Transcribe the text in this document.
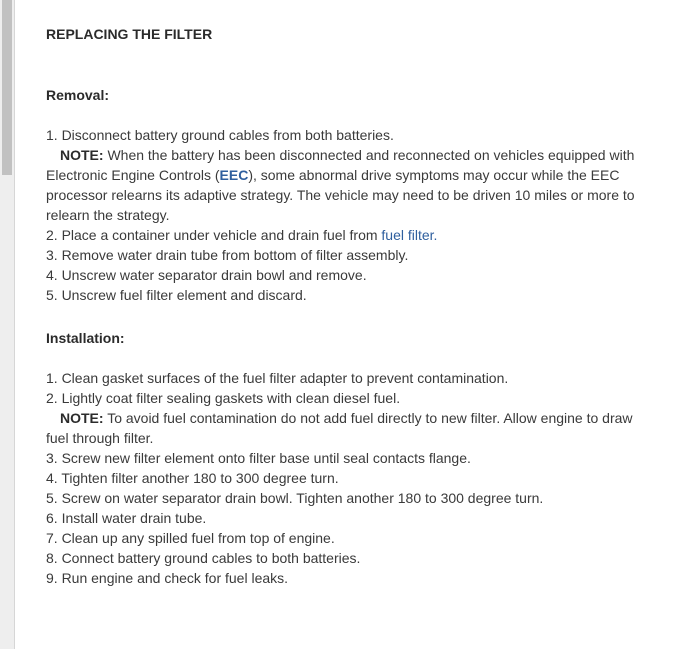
REPLACING THE FILTER
Removal:

1. Disconnect battery ground cables from both batteries.

NOTE: When the battery has been disconnected and reconnected on vehicles equipped with Electronic Engine Controls (EEC), some abnormal drive symptoms may occur while the EEC processor relearns its adaptive strategy. The vehicle may need to be driven 10 miles or more to relearn the strategy.

2. Place a container under vehicle and drain fuel from fuel filter.

3. Remove water drain tube from bottom of filter assembly.

4. Unscrew water separator drain bowl and remove.

5. Unscrew fuel filter element and discard.

Installation:

1. Clean gasket surfaces of the fuel filter adapter to prevent contamination.

2. Lightly coat filter sealing gaskets with clean diesel fuel.

NOTE: To avoid fuel contamination do not add fuel directly to new filter. Allow engine to draw fuel through filter.

3. Screw new filter element onto filter base until seal contacts flange.

4. Tighten filter another 180 to 300 degree turn.

5. Screw on water separator drain bowl. Tighten another 180 to 300 degree turn.

6. Install water drain tube.

7. Clean up any spilled fuel from top of engine.

8. Connect battery ground cables to both batteries.

9. Run engine and check for fuel leaks.
